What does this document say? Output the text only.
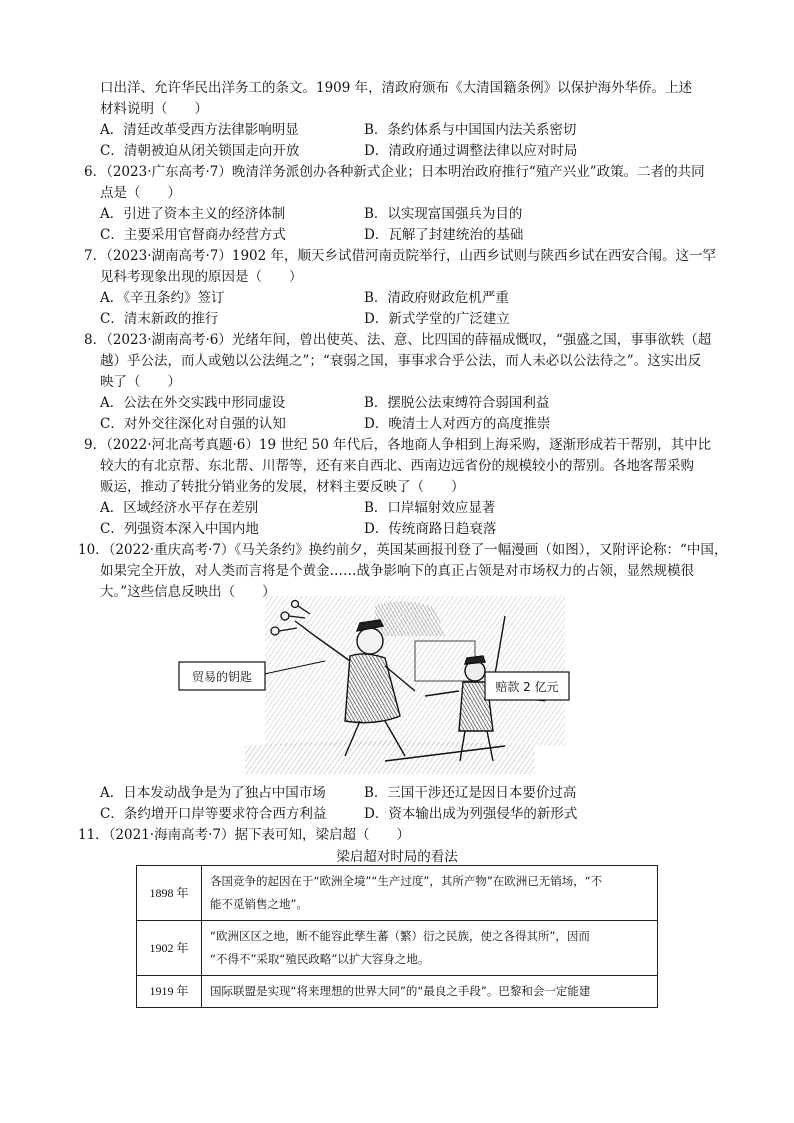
口出洋、允许华民出洋务工的条文。1909 年，清政府颁布《大清国籍条例》以保护海外华侨。上述
材料说明（　　）
A．清廷改革受西方法律影响明显	B．条约体系与中国国内法关系密切
C．清朝被迫从闭关锁国走向开放	D．清政府通过调整法律以应对时局
6．（2023·广东高考·7）晚清洋务派创办各种新式企业；日本明治政府推行“殖产兴业”政策。二者的共同
点是（　　）
A．引进了资本主义的经济体制	B．以实现富国强兵为目的
C．主要采用官督商办经营方式	D．瓦解了封建统治的基础
7．（2023·湖南高考·7）1902 年，顺天乡试借河南贡院举行，山西乡试则与陕西乡试在西安合闱。这一罕
见科考现象出现的原因是（　　）
A．《辛丑条约》签订	B．清政府财政危机严重
C．清末新政的推行	D．新式学堂的广泛建立
8．（2023·湖南高考·6）光绪年间，曾出使英、法、意、比四国的薛福成慨叹，“强盛之国，事事欲轶（超
越）乎公法，而人或勉以公法绳之”；“衰弱之国，事事求合乎公法，而人未必以公法待之”。这实出反
映了（　　）
A．公法在外交实践中形同虚设	B．摆脱公法束缚符合弱国利益
C．对外交往深化对自强的认知	D．晚清士人对西方的高度推崇
9．（2022·河北高考真题·6）19 世纪 50 年代后，各地商人争相到上海采购，逐渐形成若干帮别，其中比
较大的有北京帮、东北帮、川帮等，还有来自西北、西南边远省份的规模较小的帮别。各地客帮采购
贩运，推动了转批分销业务的发展，材料主要反映了（　　）
A．区域经济水平存在差别	B．口岸辐射效应显著
C．列强资本深入中国内地	D．传统商路日趋衰落
10．（2022·重庆高考·7）《马关条约》换约前夕，英国某画报刊登了一幅漫画（如图），又附评论称：“中国，
如果完全开放，对人类而言将是个黄金……战争影响下的真正占领是对市场权力的占领，显然规模很
大。”这些信息反映出（　　）
贸易的钥匙
赔款 2 亿元
A．日本发动战争是为了独占中国市场	B．三国干涉还辽是因日本要价过高
C．条约增开口岸等要求符合西方利益	D．资本输出成为列强侵华的新形式
11．（2021·海南高考·7）据下表可知，梁启超（　　）
梁启超对时局的看法
1898 年	各国竞争的起因在于“欧洲全境”“生产过度”，其所产物”在欧洲已无销场，“不
能不觅销售之地”。

1902 年	“欧洲区区之地，断不能容此孳生蕃（繁）衍之民族，使之各得其所”，因而
“不得不”采取“殖民政略”以扩大容身之地。

1919 年	国际联盟是实现“将来理想的世界大同”的“最良之手段”。巴黎和会一定能建
